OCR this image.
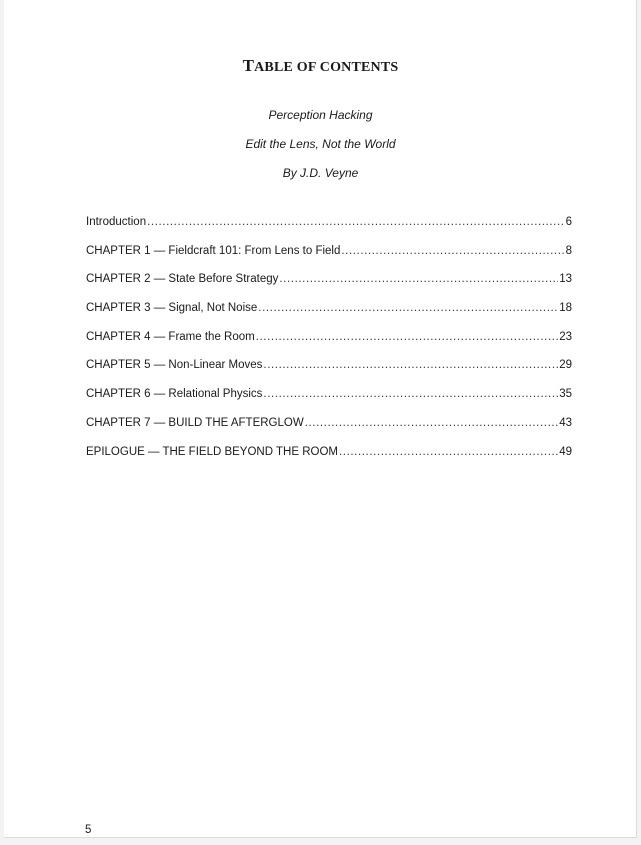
TABLE OF CONTENTS
Perception Hacking
Edit the Lens, Not the World
By J.D. Veyne
Introduction .....	6
CHAPTER 1 — Fieldcraft 101: From Lens to Field .....	8
CHAPTER 2 — State Before Strategy .....	13
CHAPTER 3 — Signal, Not Noise .....	18
CHAPTER 4 — Frame the Room .....	23
CHAPTER 5 — Non-Linear Moves .....	29
CHAPTER 6 — Relational Physics .....	35
CHAPTER 7 — BUILD THE AFTERGLOW .....	43
EPILOGUE — THE FIELD BEYOND THE ROOM .....	49
5
